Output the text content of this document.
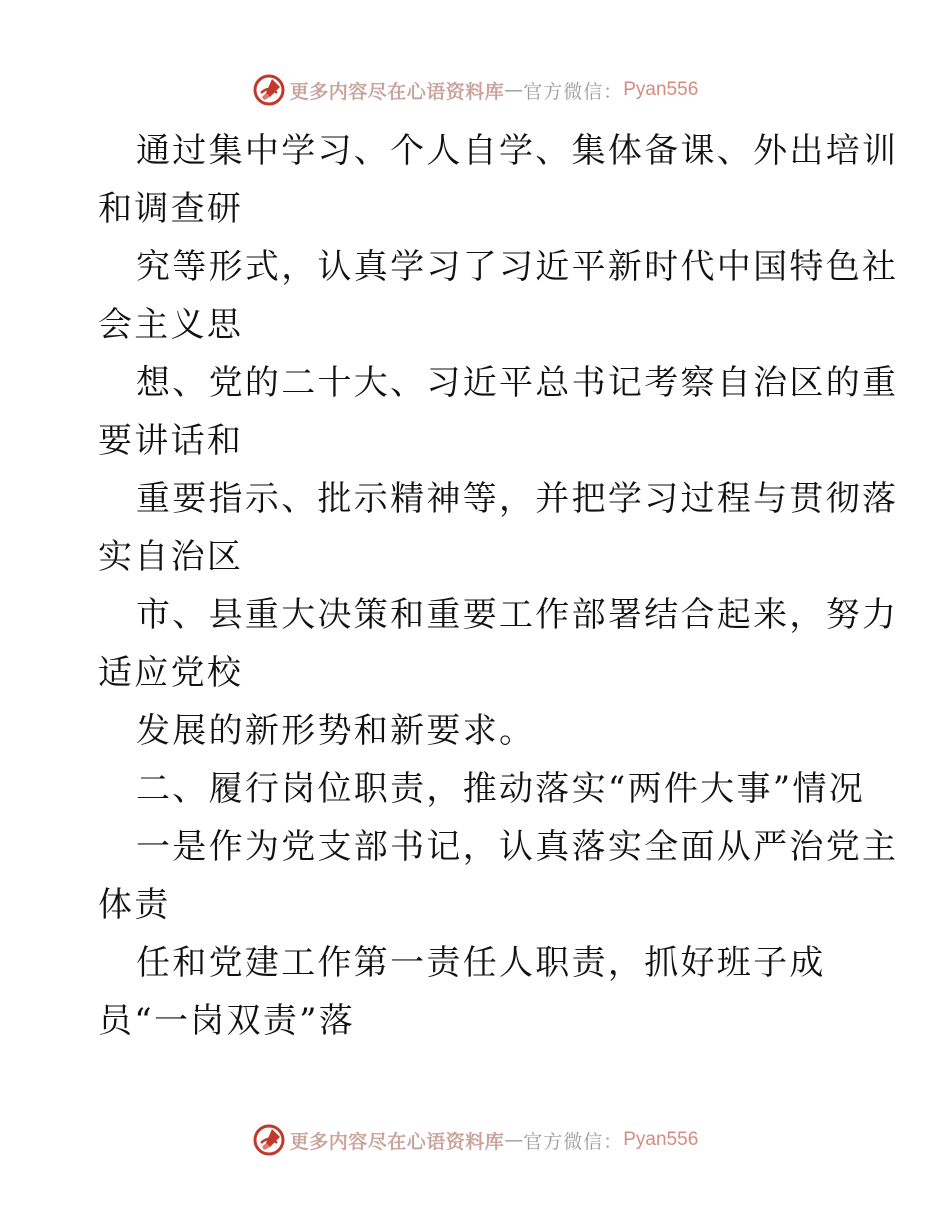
更多内容尽在心语资料库 — 官方微信： Pyan556
通过集中学习、个人自学、集体备课、外出培训
和调查研
究等形式，认真学习了习近平新时代中国特色社
会主义思
想、党的二十大、习近平总书记考察自治区的重
要讲话和
重要指示、批示精神等，并把学习过程与贯彻落
实自治区
市、县重大决策和重要工作部署结合起来，努力
适应党校
发展的新形势和新要求。
二、履行岗位职责，推动落实“两件大事”情况
一是作为党支部书记，认真落实全面从严治党主
体责
任和党建工作第一责任人职责，抓好班子成
员“一岗双责”落
更多内容尽在心语资料库 — 官方微信： Pyan556
